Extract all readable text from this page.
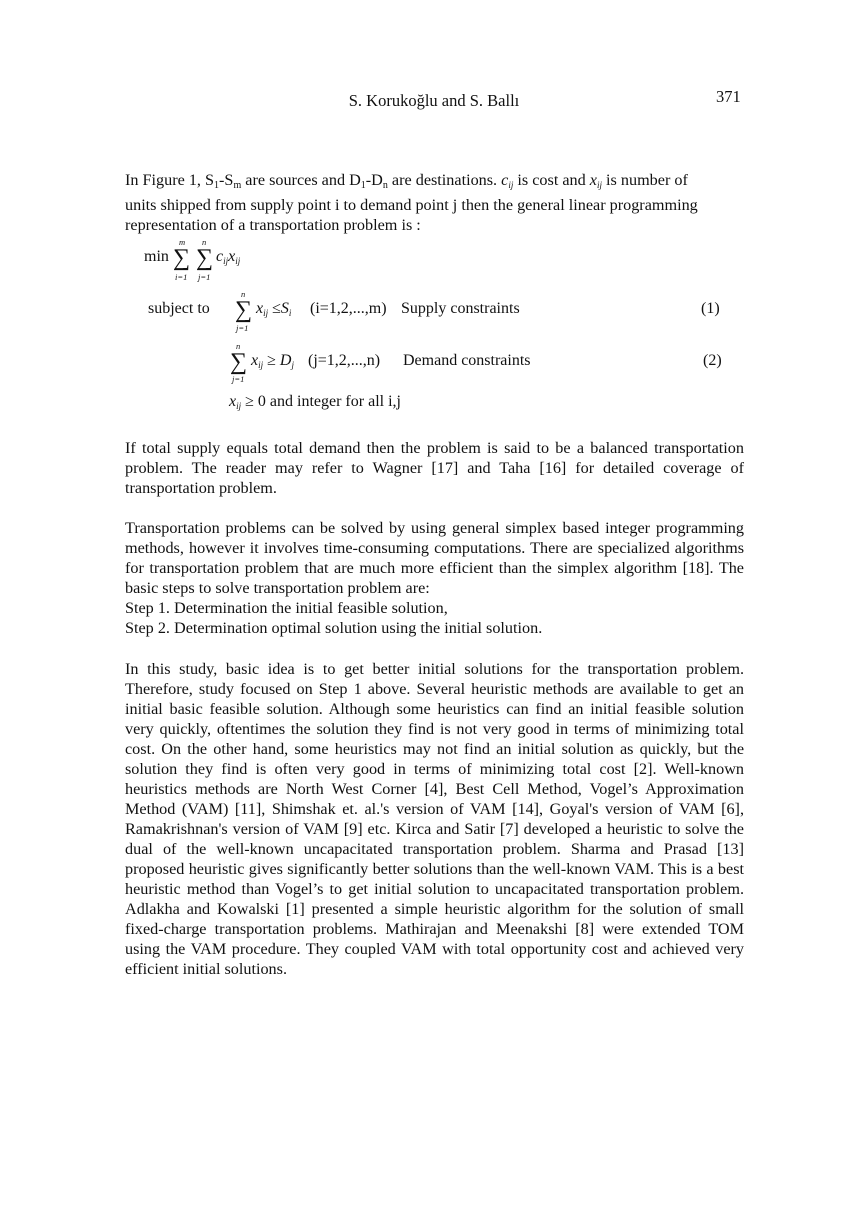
S. Korukoğlu and S. Ballı	371
In Figure 1, S1-Sm are sources and D1-Dn are destinations. $c_{ij}$ is cost and $x_{ij}$ is number of
units shipped from supply point i to demand point j then the general linear programming
representation of a transportation problem is :
min
m
∑
i=1
n
∑
j=1
$c_{ij}x_{ij}$
subject to
n
∑
j=1
$x_{ij} \le S_i$ (i=1,2,...,m) Supply constraints	(1)
n
∑
j=1
$x_{ij} \ge D_j$ (j=1,2,...,n) Demand constraints	(2)
$x_{ij} \ge 0$ and integer for all i,j

If total supply equals total demand then the problem is said to be a balanced transportation problem. The reader may refer to Wagner [17] and Taha [16] for detailed coverage of transportation problem.

Transportation problems can be solved by using general simplex based integer programming methods, however it involves time-consuming computations. There are specialized algorithms for transportation problem that are much more efficient than the simplex algorithm [18]. The basic steps to solve transportation problem are:

Step 1. Determination the initial feasible solution,
Step 2. Determination optimal solution using the initial solution.

In this study, basic idea is to get better initial solutions for the transportation problem. Therefore, study focused on Step 1 above. Several heuristic methods are available to get an initial basic feasible solution. Although some heuristics can find an initial feasible solution very quickly, oftentimes the solution they find is not very good in terms of minimizing total cost. On the other hand, some heuristics may not find an initial solution as quickly, but the solution they find is often very good in terms of minimizing total cost [2]. Well-known heuristics methods are North West Corner [4], Best Cell Method, Vogel’s Approximation Method (VAM) [11], Shimshak et. al.'s version of VAM [14], Goyal's version of VAM [6], Ramakrishnan's version of VAM [9] etc. Kirca and Satir [7] developed a heuristic to solve the dual of the well-known uncapacitated transportation problem. Sharma and Prasad [13] proposed heuristic gives significantly better solutions than the well-known VAM. This is a best heuristic method than Vogel’s to get initial solution to uncapacitated transportation problem. Adlakha and Kowalski [1] presented a simple heuristic algorithm for the solution of small fixed-charge transportation problems. Mathirajan and Meenakshi [8] were extended TOM using the VAM procedure. They coupled VAM with total opportunity cost and achieved very efficient initial solutions.
